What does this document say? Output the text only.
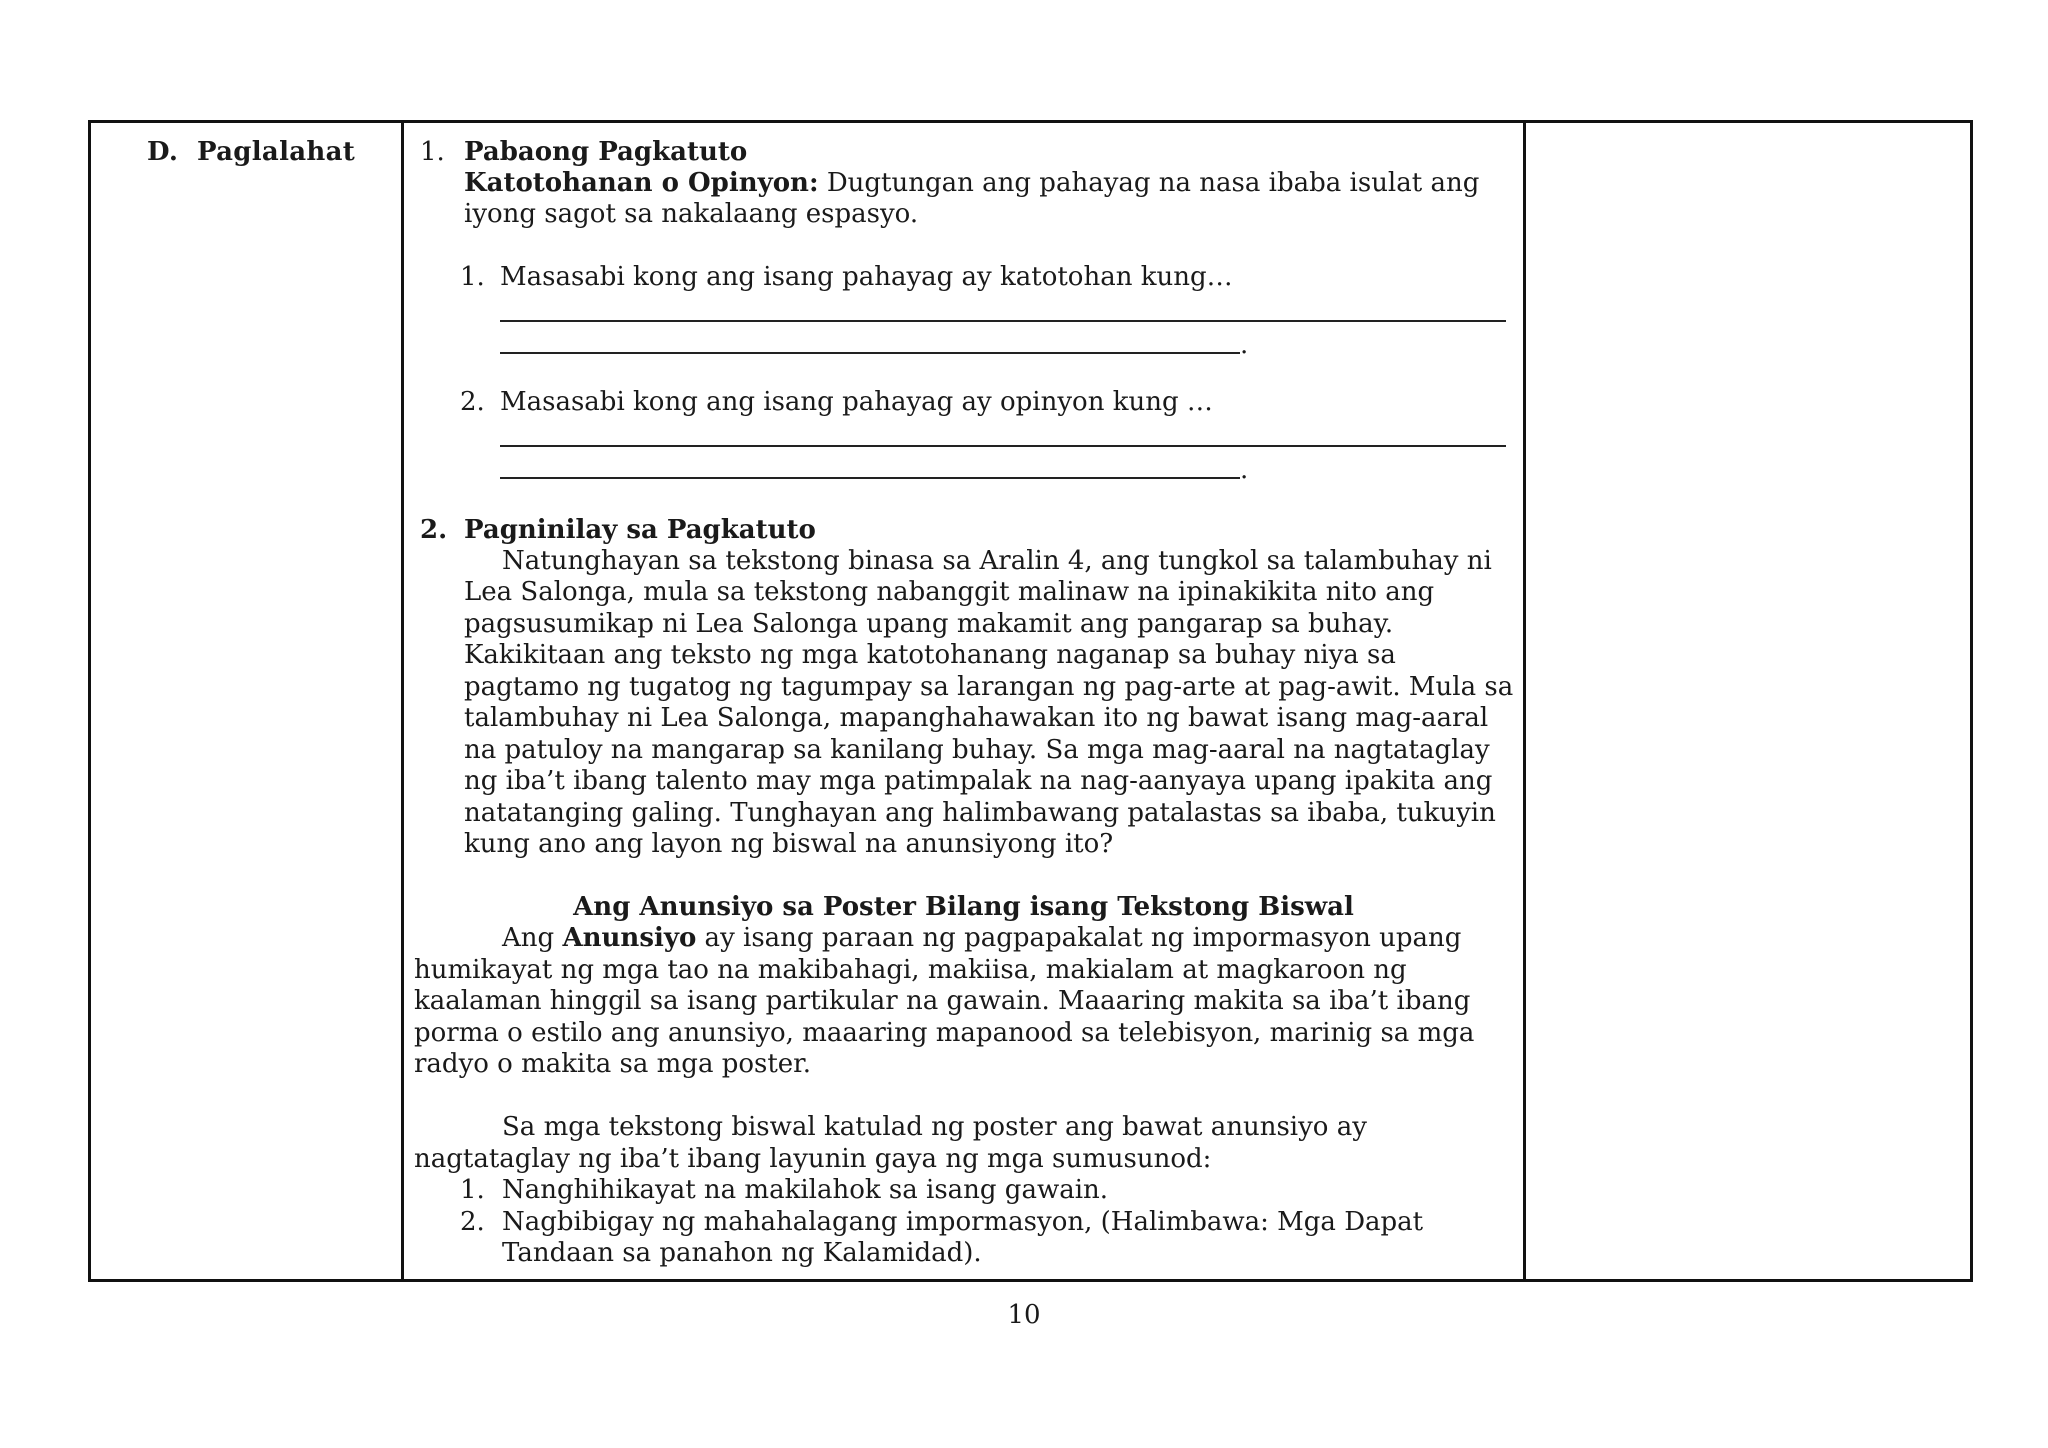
D.  Paglalahat 1. Pabaong Pagkatuto
Katotohanan o Opinyon: Dugtungan ang pahayag na nasa ibaba isulat ang
iyong sagot sa nakalaang espasyo.
1. Masasabi kong ang isang pahayag ay katotohan kung…
.
2. Masasabi kong ang isang pahayag ay opinyon kung …
.
2. Pagninilay sa Pagkatuto
Natunghayan sa tekstong binasa sa Aralin 4, ang tungkol sa talambuhay ni
Lea Salonga, mula sa tekstong nabanggit malinaw na ipinakikita nito ang
pagsusumikap ni Lea Salonga upang makamit ang pangarap sa buhay.
Kakikitaan ang teksto ng mga katotohanang naganap sa buhay niya sa
pagtamo ng tugatog ng tagumpay sa larangan ng pag-arte at pag-awit. Mula sa
talambuhay ni Lea Salonga, mapanghahawakan ito ng bawat isang mag-aaral
na patuloy na mangarap sa kanilang buhay. Sa mga mag-aaral na nagtataglay
ng iba’t ibang talento may mga patimpalak na nag-aanyaya upang ipakita ang
natatanging galing. Tunghayan ang halimbawang patalastas sa ibaba, tukuyin
kung ano ang layon ng biswal na anunsiyong ito?
Ang Anunsiyo sa Poster Bilang isang Tekstong Biswal
Ang Anunsiyo ay isang paraan ng pagpapakalat ng impormasyon upang
humikayat ng mga tao na makibahagi, makiisa, makialam at magkaroon ng
kaalaman hinggil sa isang partikular na gawain. Maaaring makita sa iba’t ibang
porma o estilo ang anunsiyo, maaaring mapanood sa telebisyon, marinig sa mga
radyo o makita sa mga poster.
Sa mga tekstong biswal katulad ng poster ang bawat anunsiyo ay
nagtataglay ng iba’t ibang layunin gaya ng mga sumusunod:
1. Nanghihikayat na makilahok sa isang gawain.
2. Nagbibigay ng mahahalagang impormasyon, (Halimbawa: Mga Dapat
Tandaan sa panahon ng Kalamidad).
10
